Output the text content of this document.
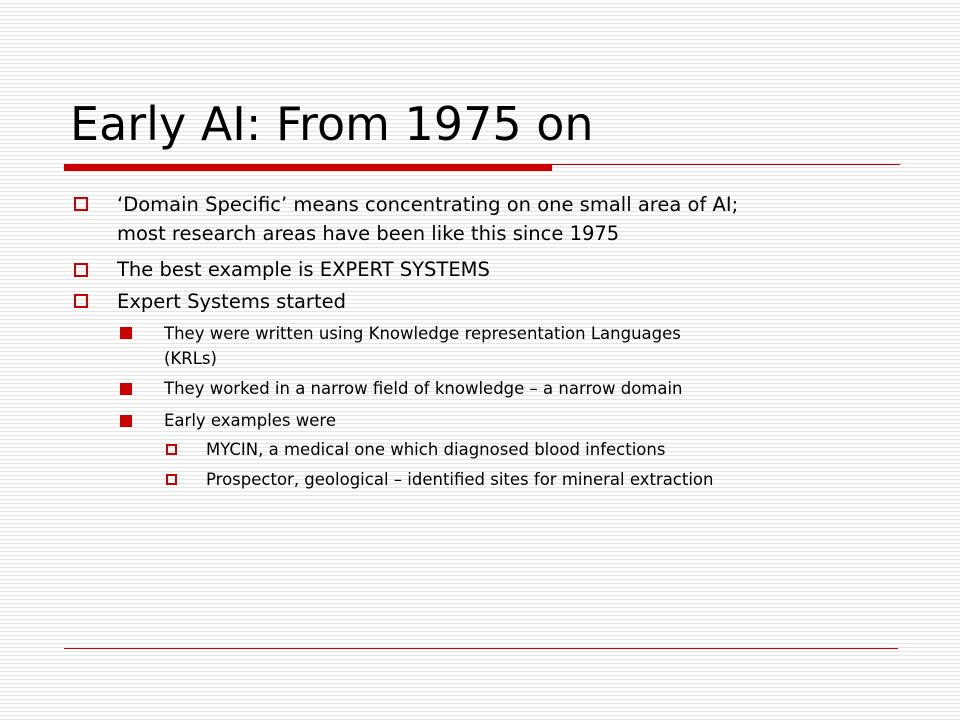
Early AI: From 1975 on
‘Domain Specific’ means concentrating on one small area of AI;
most research areas have been like this since 1975
The best example is EXPERT SYSTEMS
Expert Systems started
They were written using Knowledge representation Languages
(KRLs)
They worked in a narrow field of knowledge – a narrow domain
Early examples were
MYCIN, a medical one which diagnosed blood infections
Prospector, geological – identified sites for mineral extraction
